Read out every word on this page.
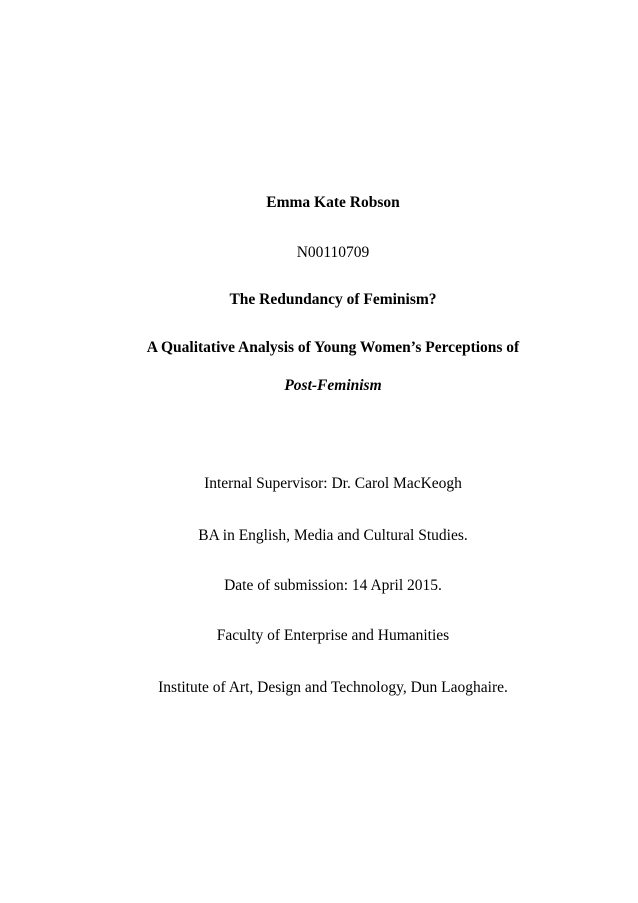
Emma Kate Robson
N00110709
The Redundancy of Feminism?
A Qualitative Analysis of Young Women’s Perceptions of
Post-Feminism
Internal Supervisor: Dr. Carol MacKeogh
BA in English, Media and Cultural Studies.
Date of submission: 14 April 2015.
Faculty of Enterprise and Humanities
Institute of Art, Design and Technology, Dun Laoghaire.
